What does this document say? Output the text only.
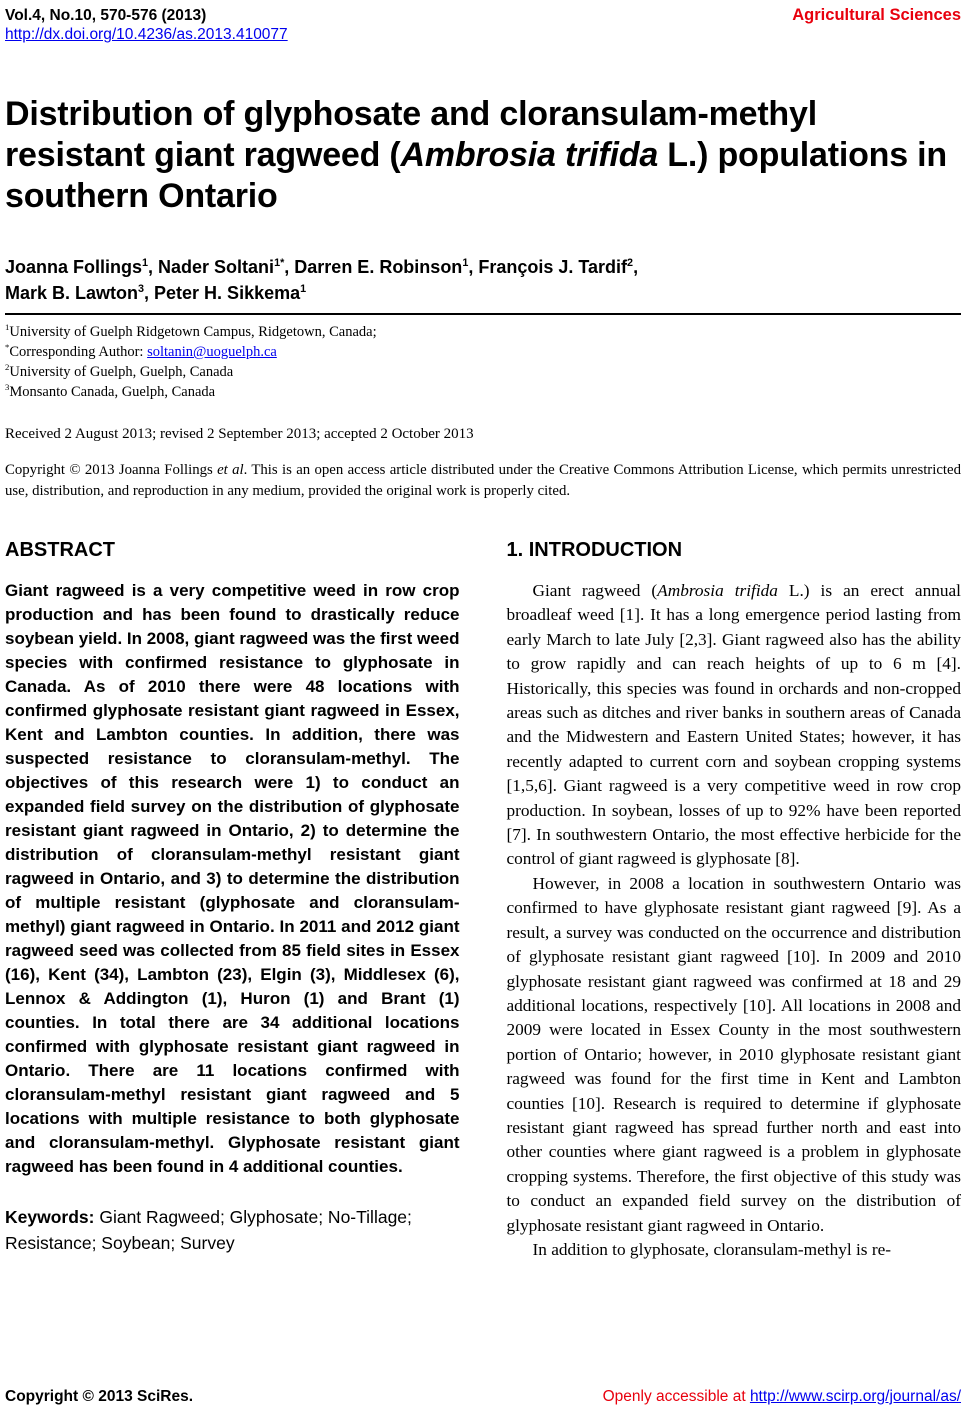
Vol.4, No.10, 570-576 (2013)
http://dx.doi.org/10.4236/as.2013.410077
Agricultural Sciences
Distribution of glyphosate and cloransulam-methyl resistant giant ragweed (Ambrosia trifida L.) populations in southern Ontario
Joanna Follings$^1$, Nader Soltani$^{1*}$, Darren E. Robinson$^1$, François J. Tardif$^2$,
Mark B. Lawton$^3$, Peter H. Sikkema$^1$
$^1$University of Guelph Ridgetown Campus, Ridgetown, Canada;
*Corresponding Author: soltanin@uoguelph.ca
$^2$University of Guelph, Guelph, Canada
$^3$Monsanto Canada, Guelph, Canada
Received 2 August 2013; revised 2 September 2013; accepted 2 October 2013
Copyright © 2013 Joanna Follings et al. This is an open access article distributed under the Creative Commons Attribution License, which permits unrestricted use, distribution, and reproduction in any medium, provided the original work is properly cited.
ABSTRACT

Giant ragweed is a very competitive weed in row crop production and has been found to drastically reduce soybean yield. In 2008, giant ragweed was the first weed species with confirmed resistance to glyphosate in Canada. As of 2010 there were 48 locations with confirmed glyphosate resistant giant ragweed in Essex, Kent and Lambton counties. In addition, there was suspected resistance to cloransulam-methyl. The objectives of this research were 1) to conduct an expanded field survey on the distribution of glyphosate resistant giant ragweed in Ontario, 2) to determine the distribution of cloransulam-methyl resistant giant ragweed in Ontario, and 3) to determine the distribution of multiple resistant (glyphosate and cloransulam-methyl) giant ragweed in Ontario. In 2011 and 2012 giant ragweed seed was collected from 85 field sites in Essex (16), Kent (34), Lambton (23), Elgin (3), Middlesex (6), Lennox & Addington (1), Huron (1) and Brant (1) counties. In total there are 34 additional locations confirmed with glyphosate resistant giant ragweed in Ontario. There are 11 locations confirmed with cloransulam-methyl resistant giant ragweed and 5 locations with multiple resistance to both glyphosate and cloransulam-methyl. Glyphosate resistant giant ragweed has been found in 4 additional counties.

Keywords: Giant Ragweed; Glyphosate; No-Tillage; Resistance; Soybean; Survey
1. INTRODUCTION

Giant ragweed (Ambrosia trifida L.) is an erect annual broadleaf weed [1]. It has a long emergence period lasting from early March to late July [2,3]. Giant ragweed also has the ability to grow rapidly and can reach heights of up to 6 m [4]. Historically, this species was found in orchards and non-cropped areas such as ditches and river banks in southern areas of Canada and the Midwestern and Eastern United States; however, it has recently adapted to current corn and soybean cropping systems [1,5,6]. Giant ragweed is a very competitive weed in row crop production. In soybean, losses of up to 92% have been reported [7]. In southwestern Ontario, the most effective herbicide for the control of giant ragweed is glyphosate [8].

However, in 2008 a location in southwestern Ontario was confirmed to have glyphosate resistant giant ragweed [9]. As a result, a survey was conducted on the occurrence and distribution of glyphosate resistant giant ragweed [10]. In 2009 and 2010 glyphosate resistant giant ragweed was confirmed at 18 and 29 additional locations, respectively [10]. All locations in 2008 and 2009 were located in Essex County in the most southwestern portion of Ontario; however, in 2010 glyphosate resistant giant ragweed was found for the first time in Kent and Lambton counties [10]. Research is required to determine if glyphosate resistant giant ragweed has spread further north and east into other counties where giant ragweed is a problem in glyphosate cropping systems. Therefore, the first objective of this study was to conduct an expanded field survey on the distribution of glyphosate resistant giant ragweed in Ontario.

In addition to glyphosate, cloransulam-methyl is re-

Copyright © 2013 SciRes.	Openly accessible at http://www.scirp.org/journal/as/
